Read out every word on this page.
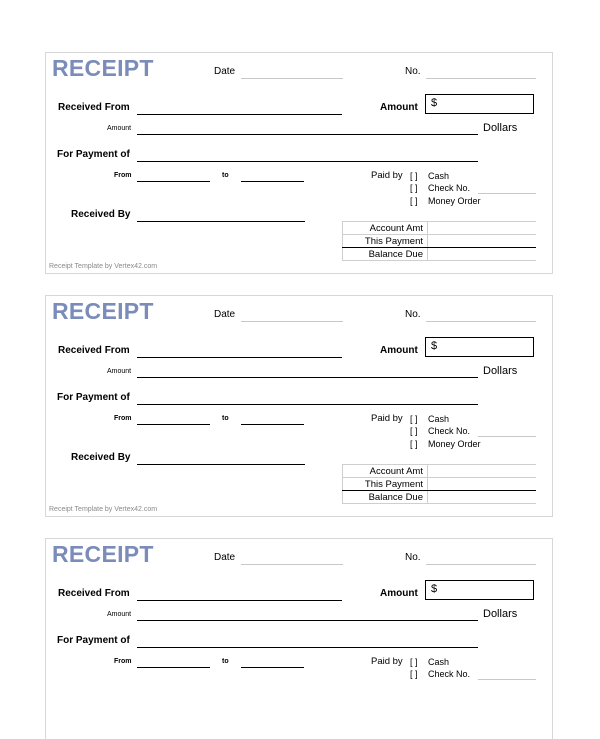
RECEIPT	Date	No.
Received From	Amount	$
Amount	Dollars
For Payment of
From	to	Paid by [ ] Cash
[ ] Check No.
[ ] Money Order
Received By
Account Amt	
This Payment	
Balance Due	
Receipt Template by Vertex42.com
RECEIPT	Date	No.
Received From	Amount	$
Amount	Dollars
For Payment of
From	to	Paid by [ ] Cash
[ ] Check No.
[ ] Money Order
Received By
Account Amt	
This Payment	
Balance Due	
Receipt Template by Vertex42.com
RECEIPT	Date	No.
Received From	Amount	$
Amount	Dollars
For Payment of
From	to	Paid by [ ] Cash
[ ] Check No.
